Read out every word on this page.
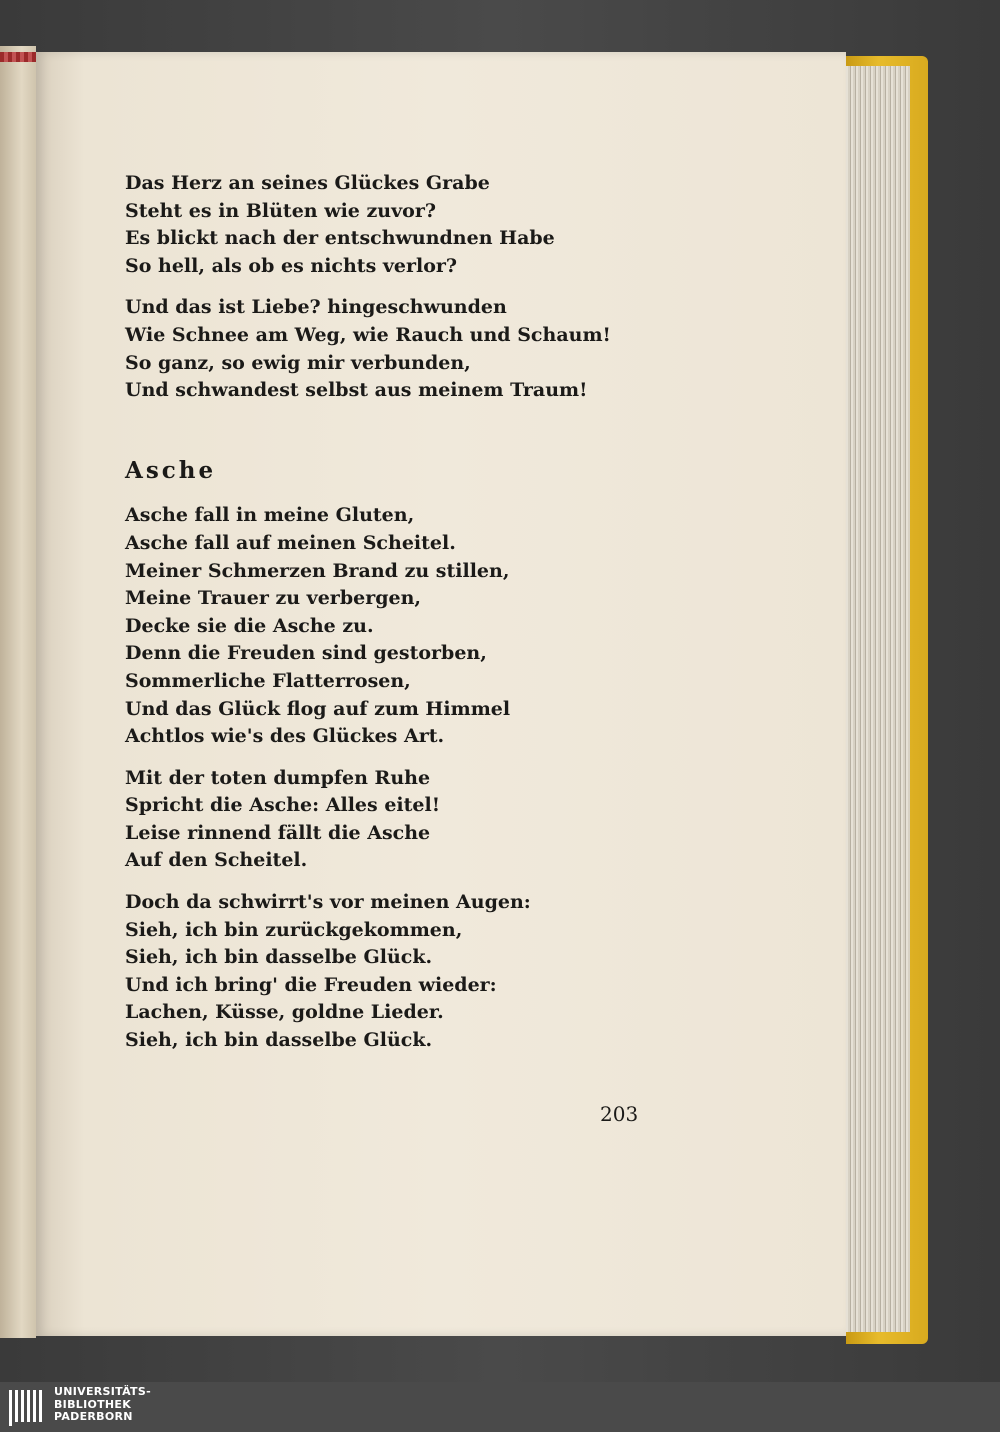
Das Herz an seines Glückes Grabe
Steht es in Blüten wie zuvor?
Es blickt nach der entschwundnen Habe
So hell, als ob es nichts verlor?
Und das ist Liebe? hingeschwunden
Wie Schnee am Weg, wie Rauch und Schaum!
So ganz, so ewig mir verbunden,
Und schwandest selbst aus meinem Traum!
Asche
Asche fall in meine Gluten,
Asche fall auf meinen Scheitel.
Meiner Schmerzen Brand zu stillen,
Meine Trauer zu verbergen,
Decke sie die Asche zu.
Denn die Freuden sind gestorben,
Sommerliche Flatterrosen,
Und das Glück flog auf zum Himmel
Achtlos wie's des Glückes Art.
Mit der toten dumpfen Ruhe
Spricht die Asche: Alles eitel!
Leise rinnend fällt die Asche
Auf den Scheitel.
Doch da schwirrt's vor meinen Augen:
Sieh, ich bin zurückgekommen,
Sieh, ich bin dasselbe Glück.
Und ich bring' die Freuden wieder:
Lachen, Küsse, goldne Lieder.
Sieh, ich bin dasselbe Glück.
203
UNIVERSITÄTS-
BIBLIOTHEK
PADERBORN
